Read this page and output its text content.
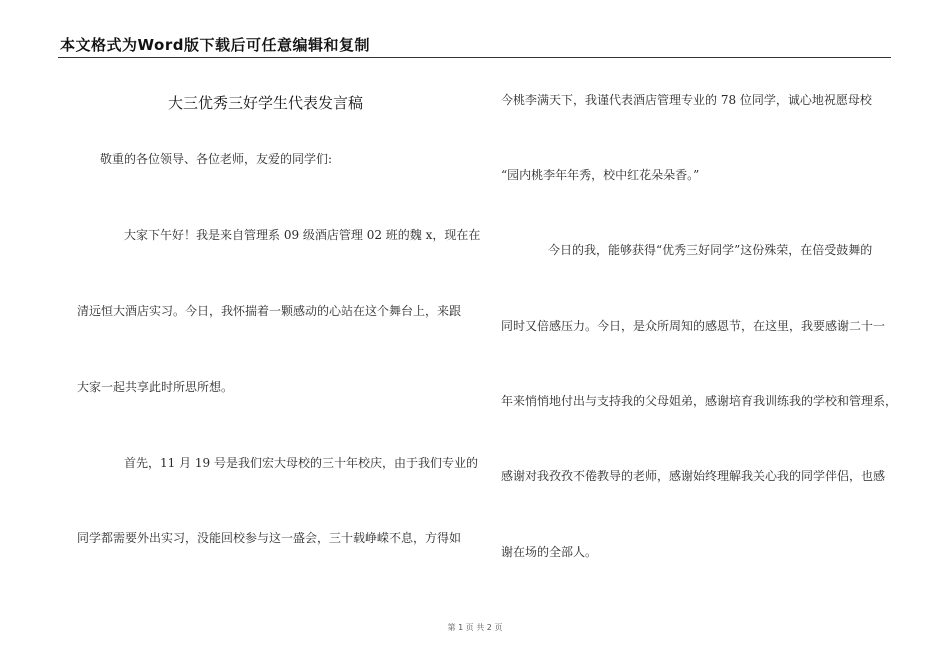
本文格式为Word版下载后可任意编辑和复制
大三优秀三好学生代表发言稿
敬重的各位领导、各位老师，友爱的同学们:
大家下午好！我是来自管理系 09 级酒店管理 02 班的魏 x，现在在
清远恒大酒店实习。今日，我怀揣着一颗感动的心站在这个舞台上，来跟
大家一起共享此时所思所想。
首先，11 月 19 号是我们宏大母校的三十年校庆，由于我们专业的
同学都需要外出实习，没能回校参与这一盛会，三十载峥嵘不息，方得如
今桃李满天下，我谨代表酒店管理专业的 78 位同学，诚心地祝愿母校
“园内桃李年年秀，校中红花朵朵香。”
今日的我，能够获得“优秀三好同学”这份殊荣，在倍受鼓舞的
同时又倍感压力。今日，是众所周知的感恩节，在这里，我要感谢二十一
年来悄悄地付出与支持我的父母姐弟，感谢培育我训练我的学校和管理系，
感谢对我孜孜不倦教导的老师，感谢始终理解我关心我的同学伴侣，也感
谢在场的全部人。
第 1 页 共 2 页
